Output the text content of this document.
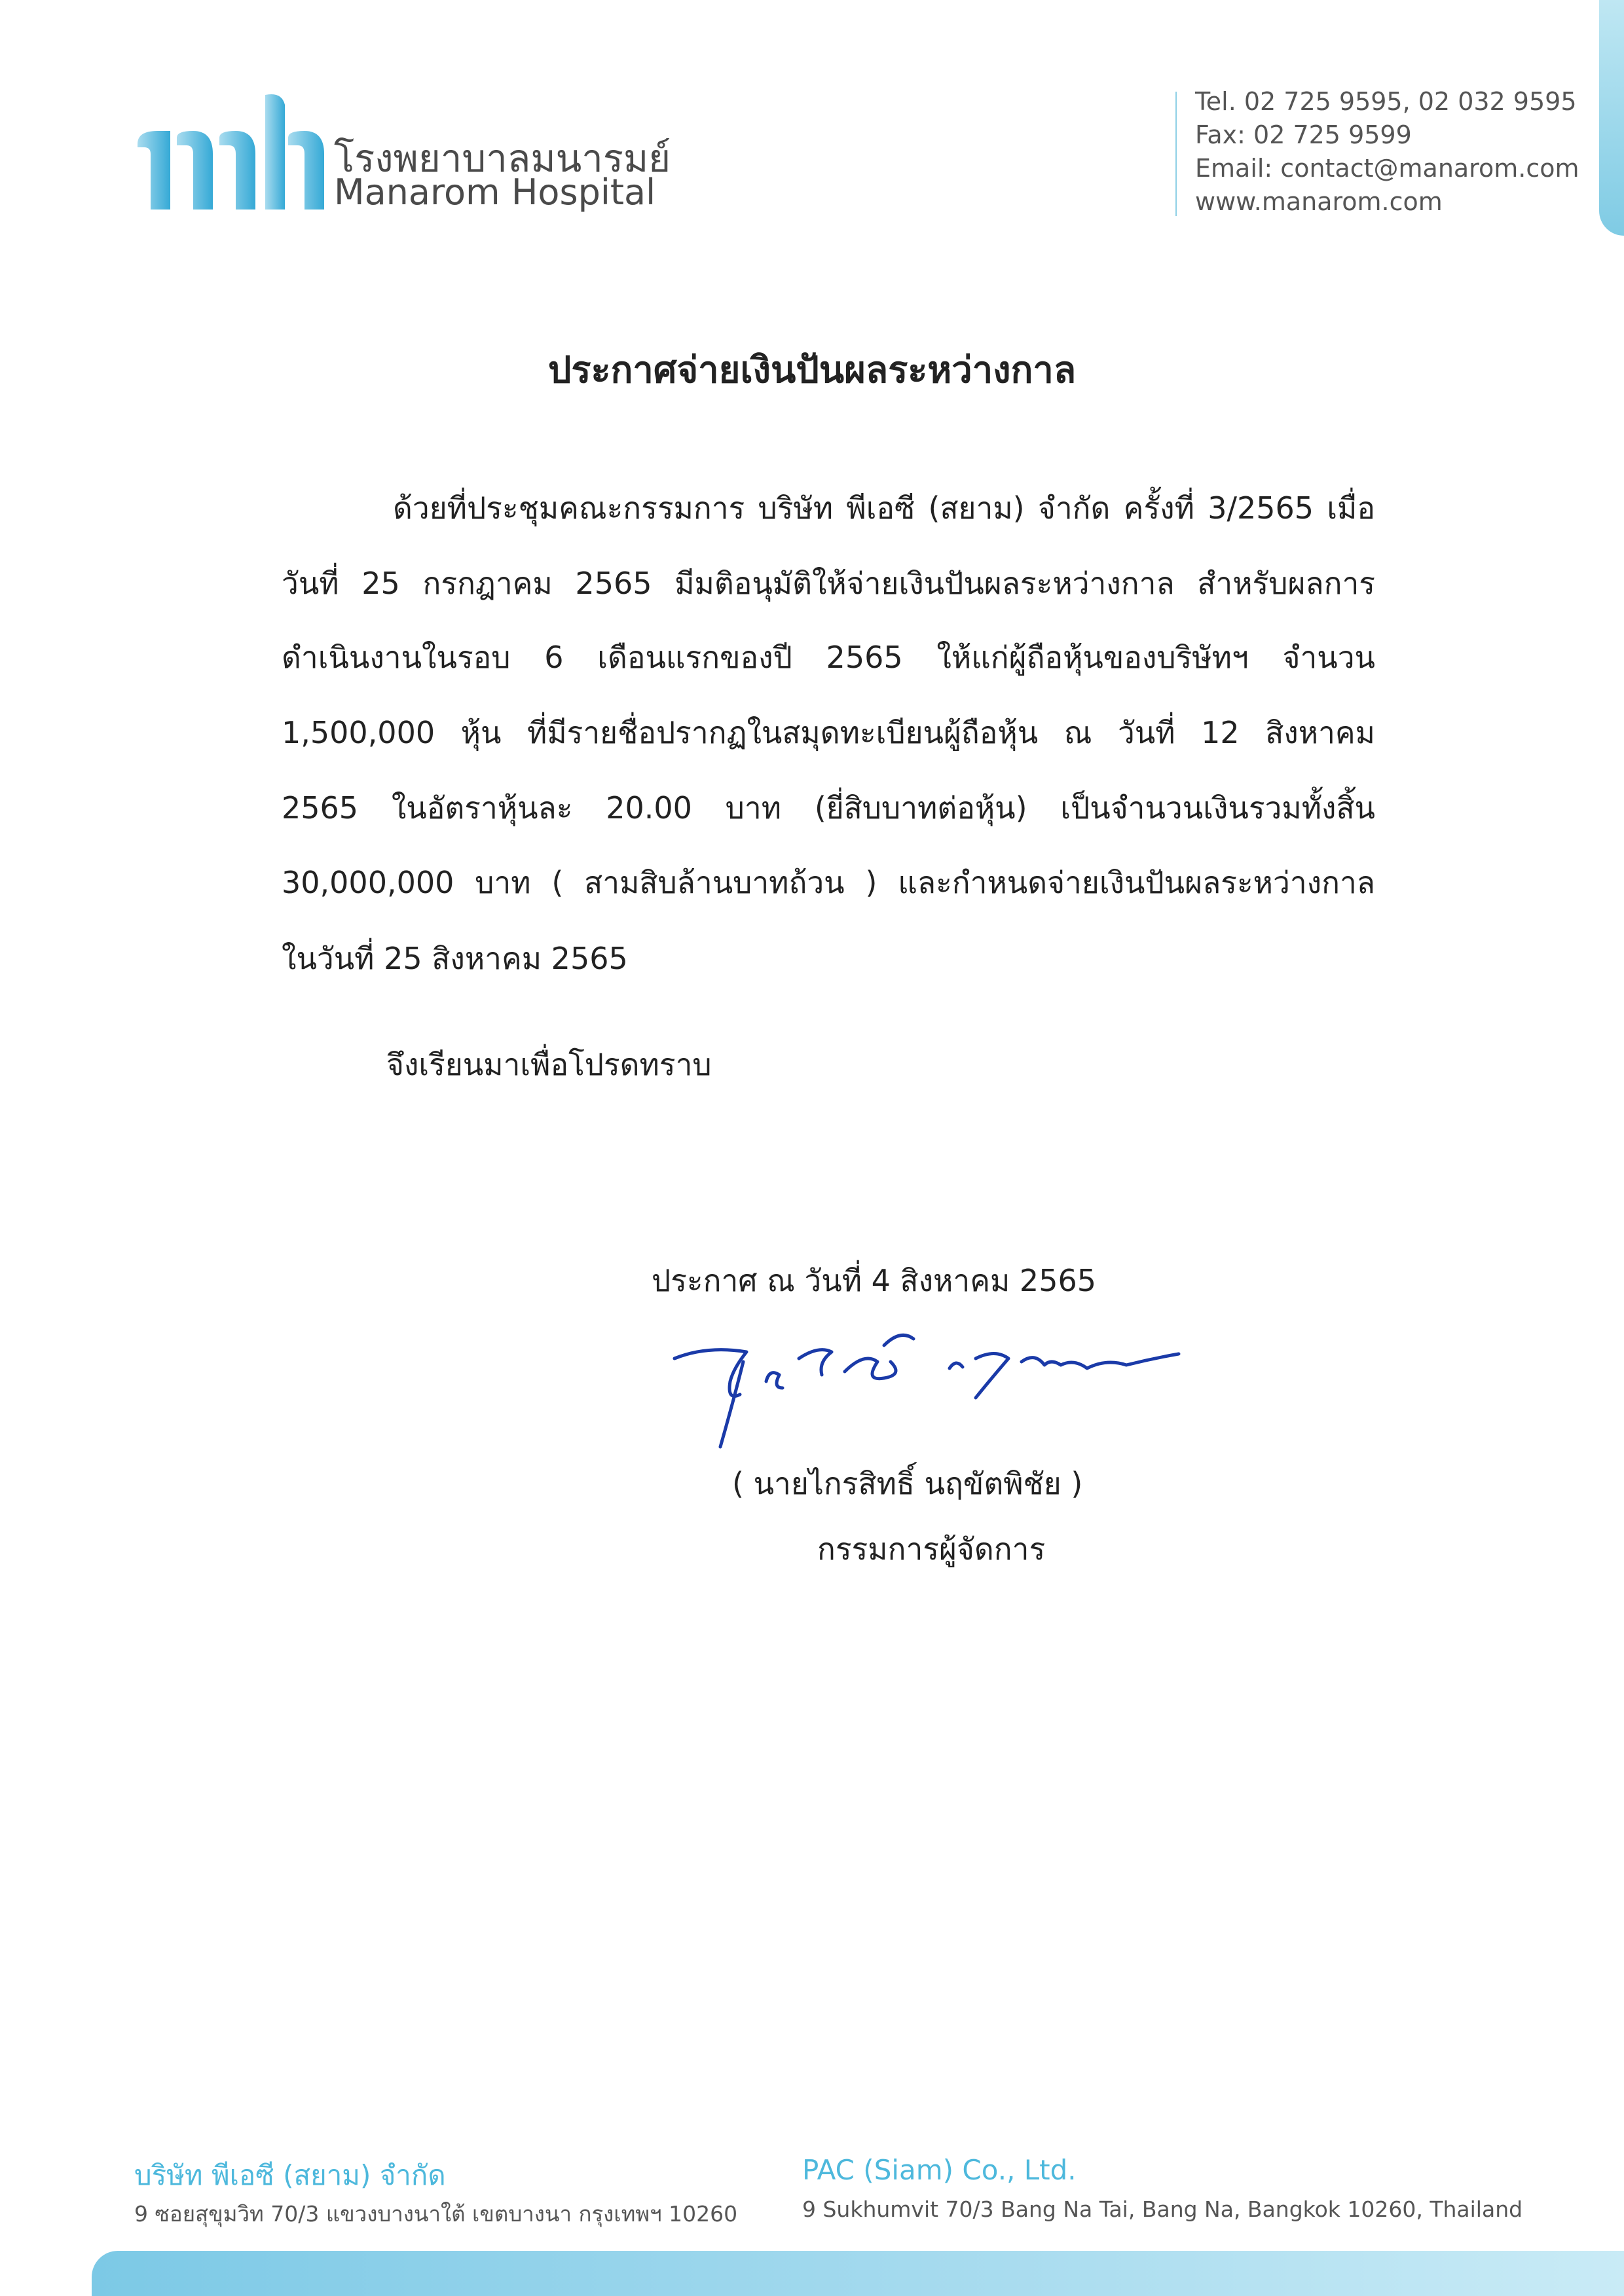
โรงพยาบาลมนารมย์
Manarom Hospital
Tel. 02 725 9595, 02 032 9595
Fax: 02 725 9599
Email: contact@manarom.com
www.manarom.com
ประกาศจ่ายเงินปันผลระหว่างกาล
ด้วยที่ประชุมคณะกรรมการ บริษัท พีเอซี (สยาม) จำกัด ครั้งที่ 3/2565 เมื่อ
วันที่ 25 กรกฎาคม 2565 มีมติอนุมัติให้จ่ายเงินปันผลระหว่างกาล สำหรับผลการ
ดำเนินงานในรอบ 6 เดือนแรกของปี 2565 ให้แก่ผู้ถือหุ้นของบริษัทฯ จำนวน
1,500,000 หุ้น ที่มีรายชื่อปรากฏในสมุดทะเบียนผู้ถือหุ้น ณ วันที่ 12 สิงหาคม
2565 ในอัตราหุ้นละ 20.00 บาท (ยี่สิบบาทต่อหุ้น) เป็นจำนวนเงินรวมทั้งสิ้น
30,000,000 บาท ( สามสิบล้านบาทถ้วน ) และกำหนดจ่ายเงินปันผลระหว่างกาล
ในวันที่ 25 สิงหาคม 2565
จึงเรียนมาเพื่อโปรดทราบ
ประกาศ ณ วันที่ 4 สิงหาคม 2565
( นายไกรสิทธิ์ นฤขัตพิชัย )
กรรมการผู้จัดการ
บริษัท พีเอซี (สยาม) จำกัด
9 ซอยสุขุมวิท 70/3 แขวงบางนาใต้ เขตบางนา กรุงเทพฯ 10260
PAC (Siam) Co., Ltd.
9 Sukhumvit 70/3 Bang Na Tai, Bang Na, Bangkok 10260, Thailand
